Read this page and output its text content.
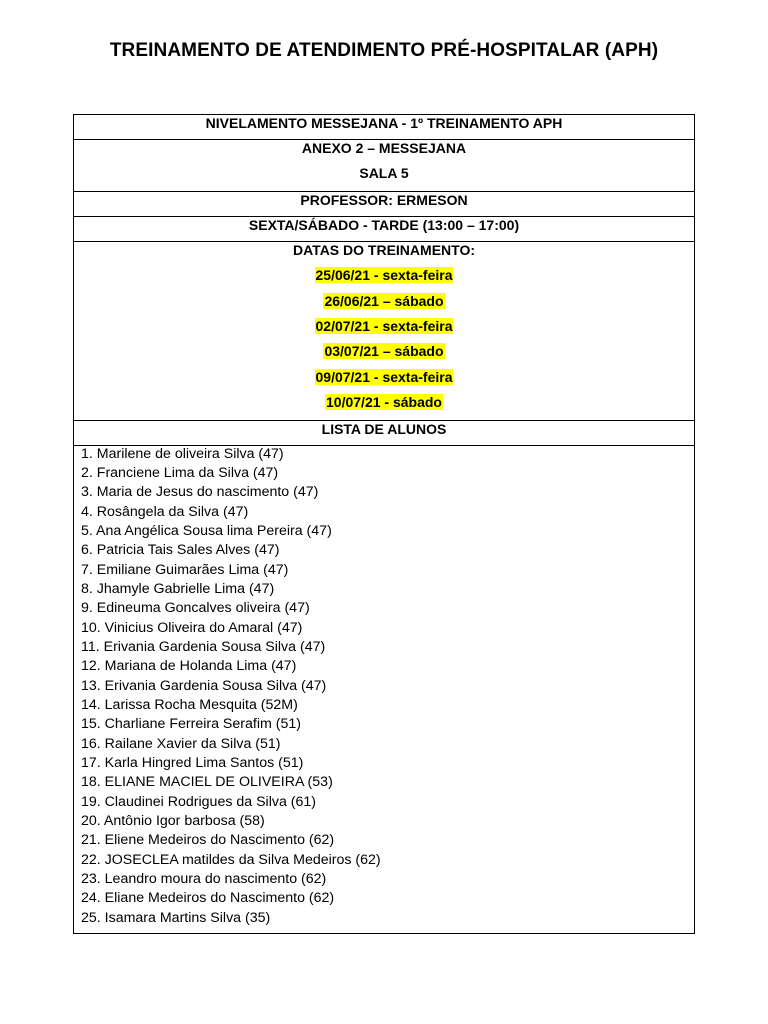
TREINAMENTO DE ATENDIMENTO PRÉ-HOSPITALAR (APH)
NIVELAMENTO MESSEJANA - 1º TREINAMENTO APH
ANEXO 2 – MESSEJANA
SALA 5
PROFESSOR: ERMESON
SEXTA/SÁBADO - TARDE (13:00 – 17:00)
DATAS DO TREINAMENTO:
25/06/21 - sexta-feira
26/06/21 – sábado
02/07/21 - sexta-feira
03/07/21 – sábado
09/07/21 - sexta-feira
10/07/21 - sábado
LISTA DE ALUNOS
1. Marilene de oliveira Silva (47)
2. Franciene Lima da Silva (47)
3. Maria de Jesus do nascimento (47)
4. Rosângela da Silva (47)
5. Ana Angélica Sousa lima Pereira (47)
6. Patricia Tais Sales Alves (47)
7. Emiliane Guimarães Lima (47)
8. Jhamyle Gabrielle Lima (47)
9. Edineuma Goncalves oliveira (47)
10. Vinicius Oliveira do Amaral (47)
11. Erivania Gardenia Sousa Silva (47)
12. Mariana de Holanda Lima (47)
13. Erivania Gardenia Sousa Silva (47)
14. Larissa Rocha Mesquita (52M)
15. Charliane Ferreira Serafim (51)
16. Railane Xavier da Silva (51)
17. Karla Hingred Lima Santos (51)
18. ELIANE MACIEL DE OLIVEIRA (53)
19. Claudinei Rodrigues da Silva (61)
20. Antônio Igor barbosa (58)
21. Eliene Medeiros do Nascimento (62)
22. JOSECLEA matildes da Silva Medeiros (62)
23. Leandro moura do nascimento (62)
24. Eliane Medeiros do Nascimento (62)
25. Isamara Martins Silva (35)
